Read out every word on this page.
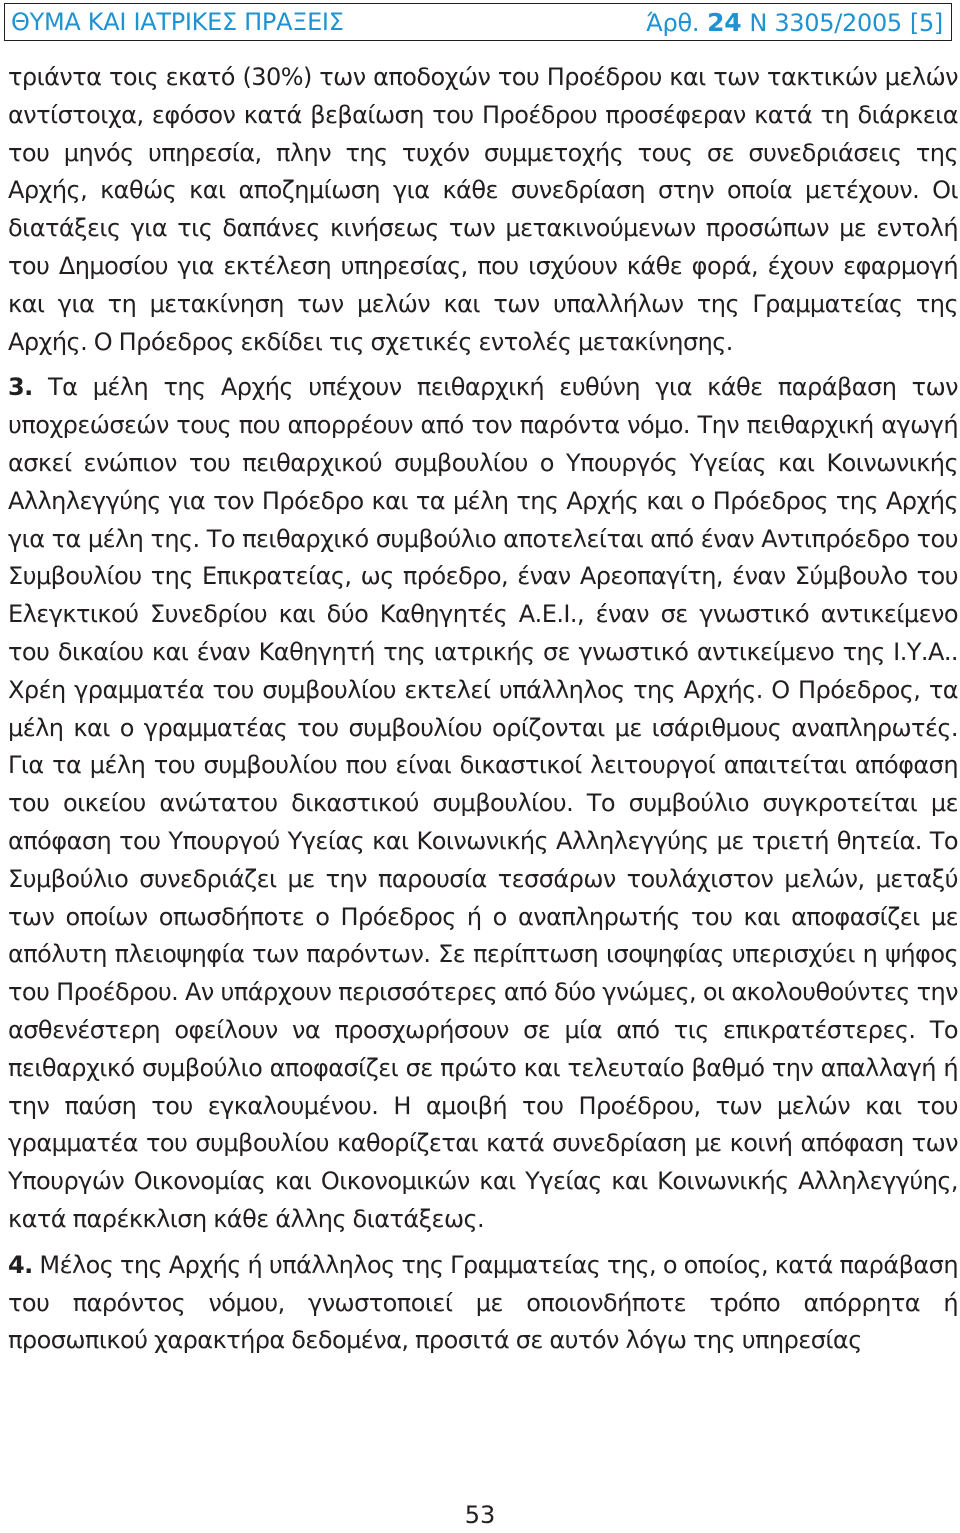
ΘΥΜΑ ΚΑΙ ΙΑΤΡΙΚΕΣ ΠΡΑΞΕΙΣ	Άρθ. 24 Ν 3305/2005 [5]

τριάντα τοις εκατό (30%) των αποδοχών του Προέδρου και των τακτικών μελών αντίστοιχα, εφόσον κατά βεβαίωση του Προέδρου προσέφεραν κατά τη διάρκεια του μηνός υπηρεσία, πλην της τυχόν συμμετοχής τους σε συνεδριάσεις της Αρχής, καθώς και αποζημίωση για κάθε συνεδρίαση στην οποία μετέχουν. Οι διατάξεις για τις δαπάνες κινήσεως των μετακινούμενων προσώπων με εντολή του Δημοσίου για εκτέλεση υπηρεσίας, που ισχύουν κάθε φορά, έχουν εφαρμογή και για τη μετακίνηση των μελών και των υπαλλήλων της Γραμματείας της Αρχής. Ο Πρόεδρος εκδίδει τις σχετικές εντολές μετακίνησης.

3. Τα μέλη της Αρχής υπέχουν πειθαρχική ευθύνη για κάθε παράβαση των υποχρεώσεών τους που απορρέουν από τον παρόντα νόμο. Την πειθαρχική αγωγή ασκεί ενώπιον του πειθαρχικού συμβουλίου ο Υπουργός Υγείας και Κοινωνικής Αλληλεγγύης για τον Πρόεδρο και τα μέλη της Αρχής και ο Πρόεδρος της Αρχής για τα μέλη της. Το πειθαρχικό συμβούλιο αποτελείται από έναν Αντιπρόεδρο του Συμβουλίου της Επικρατείας, ως πρόεδρο, έναν Αρεοπαγίτη, έναν Σύμβουλο του Ελεγκτικού Συνεδρίου και δύο Καθηγητές Α.Ε.Ι., έναν σε γνωστικό αντικείμενο του δικαίου και έναν Καθηγητή της ιατρικής σε γνωστικό αντικείμενο της Ι.Υ.Α.. Χρέη γραμματέα του συμβουλίου εκτελεί υπάλληλος της Αρχής. Ο Πρόεδρος, τα μέλη και ο γραμματέας του συμβουλίου ορίζονται με ισάριθμους αναπληρωτές. Για τα μέλη του συμβουλίου που είναι δικαστικοί λειτουργοί απαιτείται απόφαση του οικείου ανώτατου δικαστικού συμβουλίου. Το συμβούλιο συγκροτείται με απόφαση του Υπουργού Υγείας και Κοινωνικής Αλληλεγγύης με τριετή θητεία. Το Συμβούλιο συνεδριάζει με την παρουσία τεσσάρων τουλάχιστον μελών, μεταξύ των οποίων οπωσδήποτε ο Πρόεδρος ή ο αναπληρωτής του και αποφασίζει με απόλυτη πλειοψηφία των παρόντων. Σε περίπτωση ισοψηφίας υπερισχύει η ψήφος του Προέδρου. Αν υπάρχουν περισσότερες από δύο γνώμες, οι ακολουθούντες την ασθενέστερη οφείλουν να προσχωρήσουν σε μία από τις επικρατέστερες. Το πειθαρχικό συμβούλιο αποφασίζει σε πρώτο και τελευταίο βαθμό την απαλλαγή ή την παύση του εγκαλουμένου. Η αμοιβή του Προέδρου, των μελών και του γραμματέα του συμβουλίου καθορίζεται κατά συνεδρίαση με κοινή απόφαση των Υπουργών Οικονομίας και Οικονομικών και Υγείας και Κοινωνικής Αλληλεγγύης, κατά παρέκκλιση κάθε άλλης διατάξεως.

4. Μέλος της Αρχής ή υπάλληλος της Γραμματείας της, ο οποίος, κατά παράβαση του παρόντος νόμου, γνωστοποιεί με οποιονδήποτε τρόπο απόρρητα ή προσωπικού χαρακτήρα δεδομένα, προσιτά σε αυτόν λόγω της υπηρεσίας

53
